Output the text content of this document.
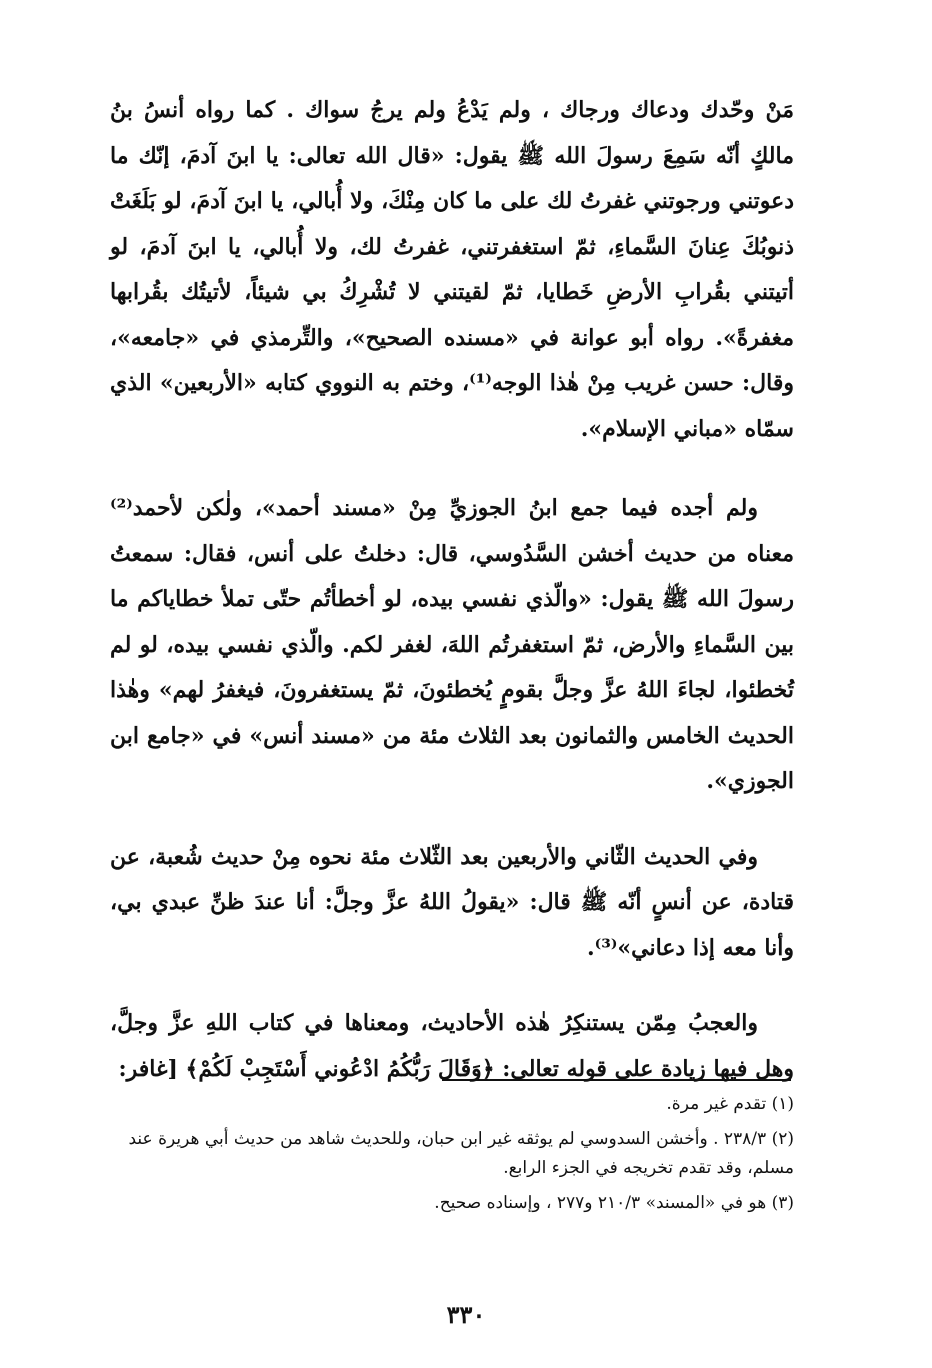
مَنْ وحّدك ودعاك ورجاك ، ولم يَدْعُ ولم يرجُ سواك . كما رواه أنسُ بنُ مالكٍ أنّه سَمِعَ رسولَ الله ﷺ يقول: «قال الله تعالى: يا ابنَ آدمَ، إنّك ما دعوتني ورجوتني غفرتُ لك على ما كان مِنْكَ، ولا أُبالي، يا ابنَ آدمَ، لو بَلَغَتْ ذنوبُكَ عِنانَ السَّماءِ، ثمّ استغفرتني، غفرتُ لك، ولا أُبالي، يا ابنَ آدمَ، لو أتيتني بقُرابِ الأرضِ خَطايا، ثمّ لقيتني لا تُشْرِكُ بي شيئاً، لأتيتُك بقُرابها مغفرةً». رواه أبو عوانة في «مسنده الصحيح»، والتِّرمذي في «جامعه»، وقال: حسن غريب مِنْ هٰذا الوجه⁽¹⁾، وختم به النووي كتابه «الأربعين» الذي سمّاه «مباني الإسلام».

ولم أجده فيما جمع ابنُ الجوزيِّ مِنْ «مسند أحمد»، ولٰكن لأحمد⁽²⁾ معناه من حديث أخشن السَّدُوسي، قال: دخلتُ على أنس، فقال: سمعتُ رسولَ الله ﷺ يقول: «والّذي نفسي بيده، لو أخطأتُم حتّى تملأ خطاياكم ما بين السَّماءِ والأرض، ثمّ استغفرتُم اللهَ، لغفر لكم. والّذي نفسي بيده، لو لم تُخطئوا، لجاءَ اللهُ عزَّ وجلَّ بقومٍ يُخطئونَ، ثمّ يستغفرونَ، فيغفرُ لهم» وهٰذا الحديث الخامس والثمانون بعد الثلاث مئة من «مسند أنس» في «جامع ابن الجوزي».

وفي الحديث الثّاني والأربعين بعد الثّلاث مئة نحوه مِنْ حديث شُعبة، عن قتادة، عن أنسٍ أنّه ﷺ قال: «يقولُ اللهُ عزَّ وجلَّ: أنا عندَ ظنِّ عبدي بي، وأنا معه إذا دعاني»⁽³⁾.

والعجبُ مِمّن يستنكِرُ هٰذه الأحاديث، ومعناها في كتاب اللهِ عزَّ وجلَّ، وهل فيها زيادة على قوله تعالى: ﴿وَقَالَ رَبُّكُمُ ادْعُوني أَسْتَجِبْ لَكُمْ﴾ [غافر:

(١) تقدم غير مرة.

(٢) ٢٣٨/٣ . وأخشن السدوسي لم يوثقه غير ابن حبان، وللحديث شاهد من حديث أبي هريرة عند مسلم، وقد تقدم تخريجه في الجزء الرابع.

(٣) هو في «المسند» ٢١٠/٣ و٢٧٧ ، وإسناده صحيح.

٣٣٠
